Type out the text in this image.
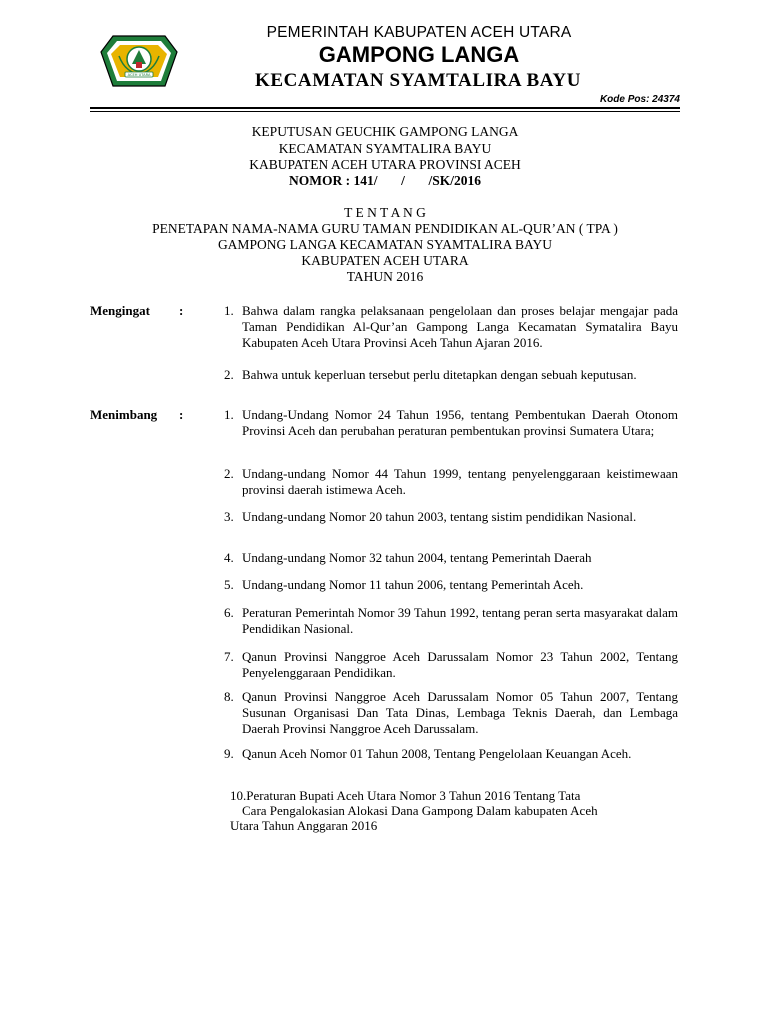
ACEH UTARA
PEMERINTAH KABUPATEN ACEH UTARA
GAMPONG LANGA
KECAMATAN SYAMTALIRA BAYU
Kode Pos: 24374
KEPUTUSAN GEUCHIK GAMPONG LANGA
KECAMATAN SYAMTALIRA BAYU
KABUPATEN ACEH UTARA PROVINSI ACEH
NOMOR : 141/       /       /SK/2016
T E N T A N G
PENETAPAN NAMA-NAMA GURU TAMAN PENDIDIKAN AL-QUR’AN ( TPA )
GAMPONG LANGA KECAMATAN SYAMTALIRA BAYU
KABUPATEN ACEH UTARA
TAHUN 2016
Mengingat :	1. Bahwa dalam rangka pelaksanaan pengelolaan dan proses belajar mengajar pada Taman Pendidikan Al-Qur’an Gampong Langa Kecamatan Symatalira Bayu Kabupaten Aceh Utara Provinsi Aceh Tahun Ajaran 2016.
2. Bahwa untuk keperluan tersebut perlu ditetapkan dengan sebuah keputusan.
Menimbang :	1. Undang-Undang Nomor 24 Tahun 1956, tentang Pembentukan Daerah Otonom Provinsi Aceh dan perubahan peraturan pembentukan provinsi Sumatera Utara;
2. Undang-undang Nomor 44 Tahun 1999, tentang penyelenggaraan keistimewaan provinsi daerah istimewa Aceh.
3. Undang-undang Nomor 20 tahun 2003, tentang sistim pendidikan Nasional.
4. Undang-undang Nomor 32 tahun 2004, tentang Pemerintah Daerah
5. Undang-undang Nomor 11 tahun 2006, tentang Pemerintah Aceh.
6. Peraturan Pemerintah Nomor 39 Tahun 1992, tentang peran serta masyarakat dalam Pendidikan Nasional.
7. Qanun Provinsi Nanggroe Aceh Darussalam Nomor 23 Tahun 2002, Tentang Penyelenggaraan Pendidikan.
8. Qanun Provinsi Nanggroe Aceh Darussalam Nomor 05 Tahun 2007, Tentang Susunan Organisasi Dan Tata Dinas, Lembaga Teknis Daerah, dan Lembaga Daerah Provinsi Nanggroe Aceh Darussalam.
9. Qanun Aceh Nomor 01 Tahun 2008, Tentang Pengelolaan Keuangan Aceh.
10.Peraturan Bupati Aceh Utara Nomor 3 Tahun 2016 Tentang Tata
Cara Pengalokasian Alokasi Dana Gampong Dalam kabupaten Aceh
Utara Tahun Anggaran 2016
